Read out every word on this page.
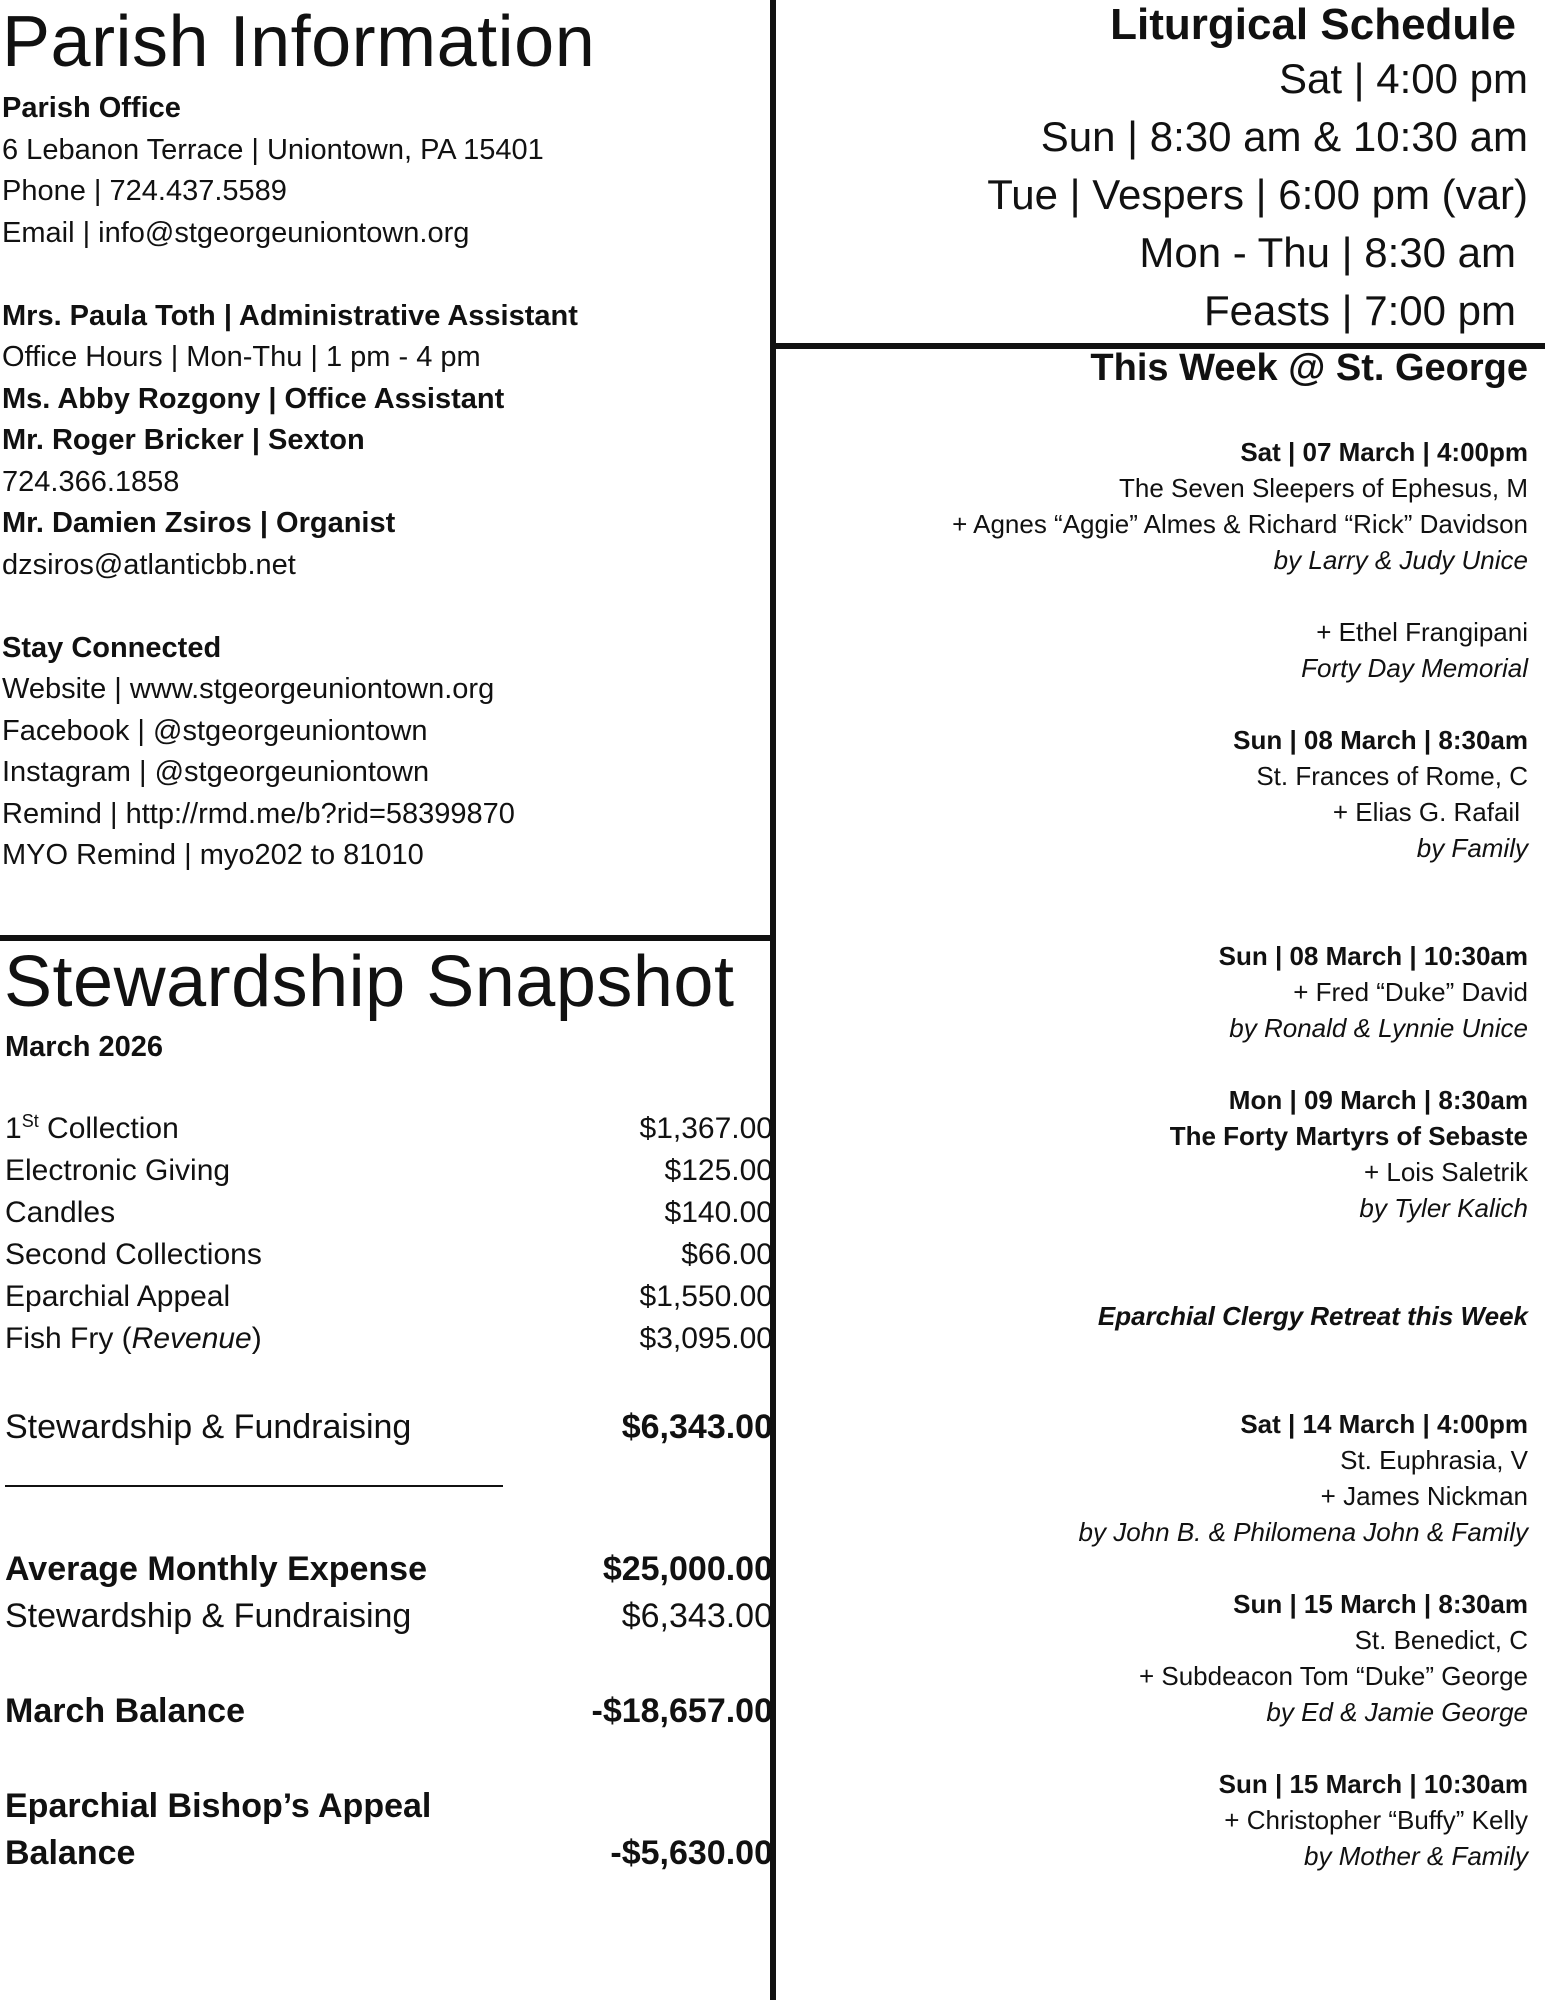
Parish Information
Parish Office
6 Lebanon Terrace | Uniontown, PA 15401
Phone | 724.437.5589
Email | info@stgeorgeuniontown.org
Mrs. Paula Toth | Administrative Assistant
Office Hours | Mon-Thu | 1 pm - 4 pm
Ms. Abby Rozgony | Office Assistant
Mr. Roger Bricker | Sexton
724.366.1858
Mr. Damien Zsiros | Organist
dzsiros@atlanticbb.net
Stay Connected
Website | www.stgeorgeuniontown.org
Facebook | @stgeorgeuniontown
Instagram | @stgeorgeuniontown
Remind | http://rmd.me/b?rid=58399870
MYO Remind | myo202 to 81010
Liturgical Schedule
Sat | 4:00 pm
Sun | 8:30 am & 10:30 am
Tue | Vespers | 6:00 pm (var)
Mon - Thu | 8:30 am
Feasts | 7:00 pm
This Week @ St. George
Sat | 07 March | 4:00pm
The Seven Sleepers of Ephesus, M
+ Agnes “Aggie” Almes & Richard “Rick” Davidson
by Larry & Judy Unice
+ Ethel Frangipani
Forty Day Memorial
Sun | 08 March | 8:30am
St. Frances of Rome, C
+ Elias G. Rafail
by Family
Sun | 08 March | 10:30am
+ Fred “Duke” David
by Ronald & Lynnie Unice
Mon | 09 March | 8:30am
The Forty Martyrs of Sebaste
+ Lois Saletrik
by Tyler Kalich
Eparchial Clergy Retreat this Week
Sat | 14 March | 4:00pm
St. Euphrasia, V
+ James Nickman
by John B. & Philomena John & Family
Sun | 15 March | 8:30am
St. Benedict, C
+ Subdeacon Tom “Duke” George
by Ed & Jamie George
Sun | 15 March | 10:30am
+ Christopher “Buffy” Kelly
by Mother & Family
Stewardship Snapshot
March 2026
1St Collection	$1,367.00
Electronic Giving	$125.00
Candles	$140.00
Second Collections	$66.00
Eparchial Appeal	$1,550.00
Fish Fry (Revenue)	$3,095.00
Stewardship & Fundraising	$6,343.00
Average Monthly Expense	$25,000.00
Stewardship & Fundraising	$6,343.00
March Balance	-$18,657.00
Eparchial Bishop’s Appeal
Balance	-$5,630.00
